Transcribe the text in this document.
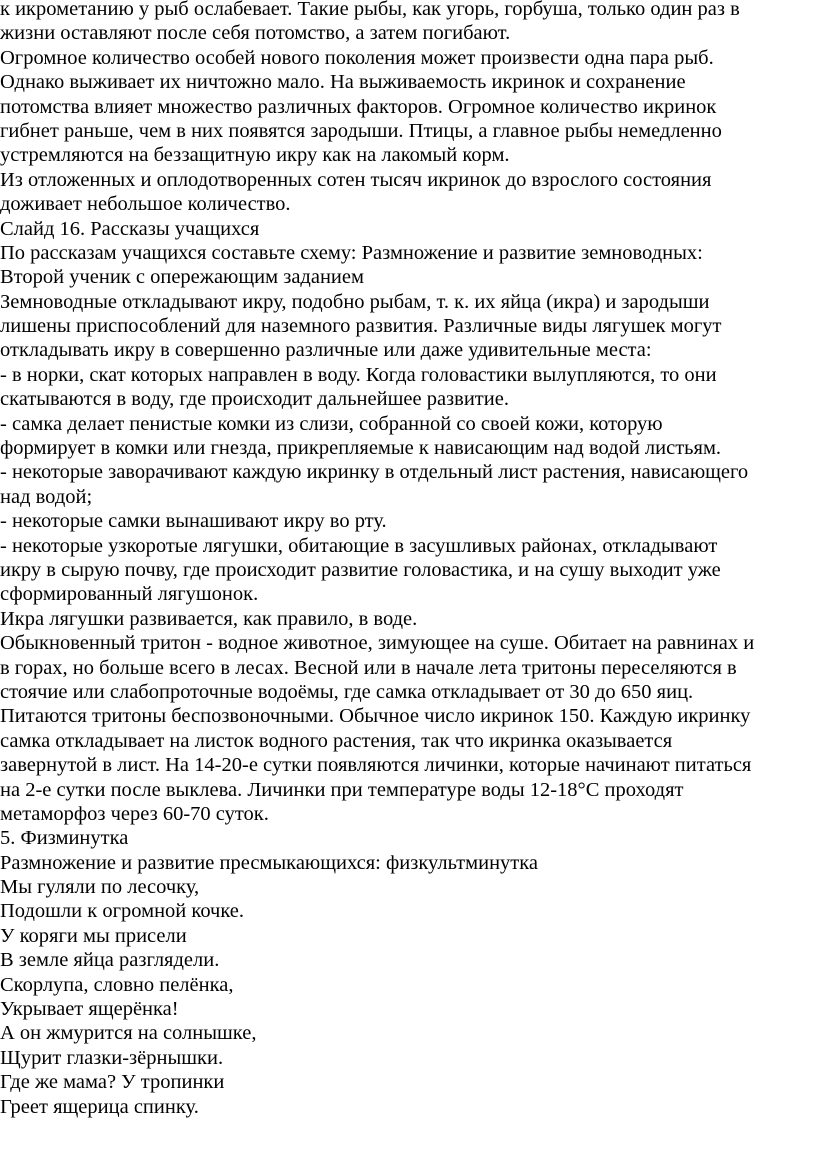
к икрометанию у рыб ослабевает. Такие рыбы, как угорь, горбуша, только один раз в
жизни оставляют после себя потомство, а затем погибают.
Огромное количество особей нового поколения может произвести одна пара рыб.
Однако выживает их ничтожно мало. На выживаемость икринок и сохранение
потомства влияет множество различных факторов. Огромное количество икринок
гибнет раньше, чем в них появятся зародыши. Птицы, а главное рыбы немедленно
устремляются на беззащитную икру как на лакомый корм.
Из отложенных и оплодотворенных сотен тысяч икринок до взрослого состояния
доживает небольшое количество.
Слайд 16. Рассказы учащихся
По рассказам учащихся составьте схему: Размножение и развитие земноводных:
Второй ученик с опережающим заданием
Земноводные откладывают икру, подобно рыбам, т. к. их яйца (икра) и зародыши
лишены приспособлений для наземного развития. Различные виды лягушек могут
откладывать икру в совершенно различные или даже удивительные места:
- в норки, скат которых направлен в воду. Когда головастики вылупляются, то они
скатываются в воду, где происходит дальнейшее развитие.
- самка делает пенистые комки из слизи, собранной со своей кожи, которую
формирует в комки или гнезда, прикрепляемые к нависающим над водой листьям.
- некоторые заворачивают каждую икринку в отдельный лист растения, нависающего
над водой;
- некоторые самки вынашивают икру во рту.
- некоторые узкоротые лягушки, обитающие в засушливых районах, откладывают
икру в сырую почву, где происходит развитие головастика, и на сушу выходит уже
сформированный лягушонок.
Икра лягушки развивается, как правило, в воде.
Обыкновенный тритон - водное животное, зимующее на суше. Обитает на равнинах и
в горах, но больше всего в лесах. Весной или в начале лета тритоны переселяются в
стоячие или слабопроточные водоёмы, где самка откладывает от 30 до 650 яиц.
Питаются тритоны беспозвоночными. Обычное число икринок 150. Каждую икринку
самка откладывает на листок водного растения, так что икринка оказывается
завернутой в лист. На 14-20-е сутки появляются личинки, которые начинают питаться
на 2-е сутки после выклева. Личинки при температуре воды 12-18°С проходят
метаморфоз через 60-70 суток.
5. Физминутка
Размножение и развитие пресмыкающихся: физкультминутка
Мы гуляли по лесочку,
Подошли к огромной кочке.
У коряги мы присели
В земле яйца разглядели.
Скорлупа, словно пелёнка,
Укрывает ящерёнка!
А он жмурится на солнышке,
Щурит глазки-зёрнышки.
Где же мама? У тропинки
Греет ящерица спинку.
